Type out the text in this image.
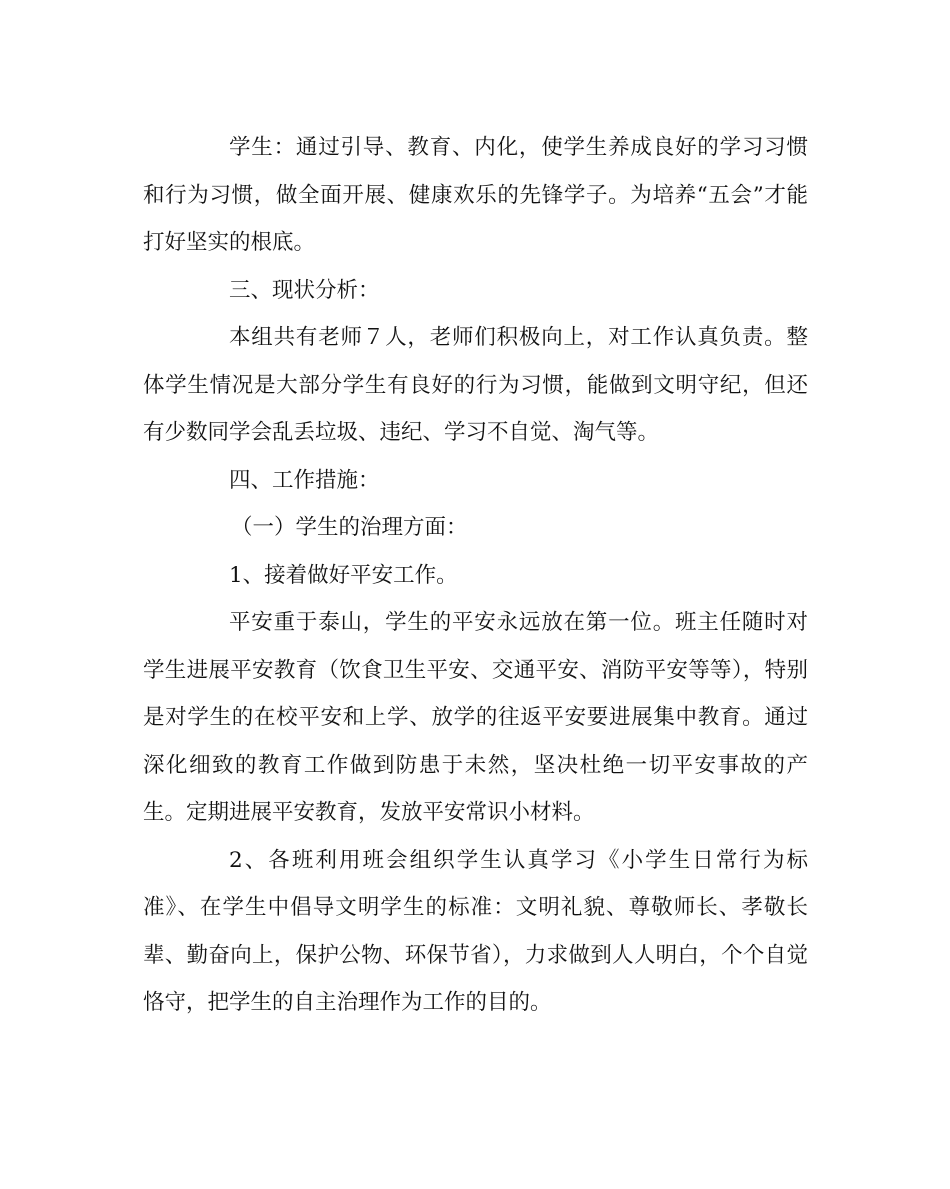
学生：通过引导、教育、内化，使学生养成良好的学习习惯和行为习惯，做全面开展、健康欢乐的先锋学子。为培养“五会”才能打好坚实的根底。

三、现状分析：

本组共有老师７人，老师们积极向上，对工作认真负责。整体学生情况是大部分学生有良好的行为习惯，能做到文明守纪，但还有少数同学会乱丢垃圾、违纪、学习不自觉、淘气等。

四、工作措施：

（一）学生的治理方面：

1、接着做好平安工作。

平安重于泰山，学生的平安永远放在第一位。班主任随时对学生进展平安教育（饮食卫生平安、交通平安、消防平安等等），特别是对学生的在校平安和上学、放学的往返平安要进展集中教育。通过深化细致的教育工作做到防患于未然，坚决杜绝一切平安事故的产生。定期进展平安教育，发放平安常识小材料。

2、各班利用班会组织学生认真学习《小学生日常行为标准》、在学生中倡导文明学生的标准：文明礼貌、尊敬师长、孝敬长辈、勤奋向上，保护公物、环保节省），力求做到人人明白，个个自觉恪守，把学生的自主治理作为工作的目的。
